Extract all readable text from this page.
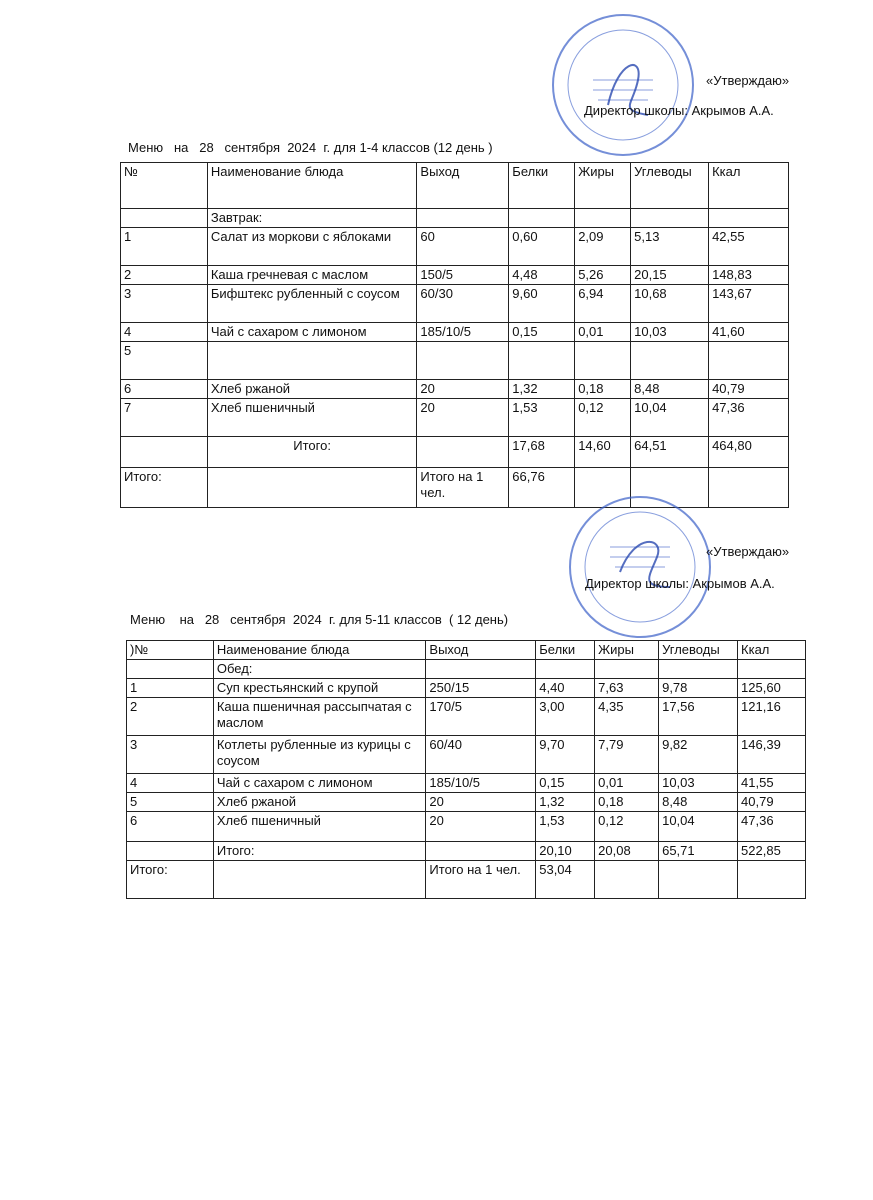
«Утверждаю»
Директор школы: Акрымов А.А.
Меню   на   28   сентября  2024  г. для 1-4 классов (12 день )
№	Наименование блюда	Выход	Белки	Жиры	Углеводы	Ккал
	Завтрак:					
1	Салат из моркови с яблоками	60	0,60	2,09	5,13	42,55
2	Каша гречневая с маслом	150/5	4,48	5,26	20,15	148,83
3	Бифштекс рубленный с соусом	60/30	9,60	6,94	10,68	143,67
4	Чай с сахаром с лимоном	185/10/5	0,15	0,01	10,03	41,60
5						
6	Хлеб ржаной	20	1,32	0,18	8,48	40,79
7	Хлеб пшеничный	20	1,53	0,12	10,04	47,36
	Итого:		17,68	14,60	64,51	464,80
Итого:		Итого на 1 чел.	66,76			
«Утверждаю»
Директор школы: Акрымов А.А.
Меню    на   28   сентября  2024  г. для 5-11 классов  ( 12 день)
)№	Наименование блюда	Выход	Белки	Жиры	Углеводы	Ккал
	Обед:					
1	Суп крестьянский с крупой	250/15	4,40	7,63	9,78	125,60
2	Каша пшеничная рассыпчатая с маслом	170/5	3,00	4,35	17,56	121,16
3	Котлеты рубленные из курицы с соусом	60/40	9,70	7,79	9,82	146,39
4	Чай с сахаром с лимоном	185/10/5	0,15	0,01	10,03	41,55
5	Хлеб ржаной	20	1,32	0,18	8,48	40,79
6	Хлеб пшеничный	20	1,53	0,12	10,04	47,36
	Итого:		20,10	20,08	65,71	522,85
Итого:		Итого на 1 чел.	53,04			
